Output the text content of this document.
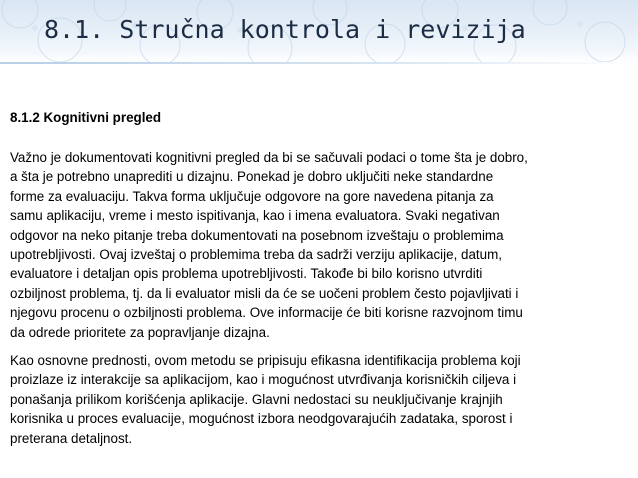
8.1. Stručna kontrola i revizija
8.1.2 Kognitivni pregled
Važno je dokumentovati kognitivni pregled da bi se sačuvali podaci o tome šta je dobro,
a šta je potrebno unaprediti u dizajnu. Ponekad je dobro uključiti neke standardne
forme za evaluaciju. Takva forma uključuje odgovore na gore navedena pitanja za
samu aplikaciju, vreme i mesto ispitivanja, kao i imena evaluatora. Svaki negativan
odgovor na neko pitanje treba dokumentovati na posebnom izveštaju o problemima
upotrebljivosti. Ovaj izveštaj o problemima treba da sadrži verziju aplikacije, datum,
evaluatore i detaljan opis problema upotrebljivosti. Takođe bi bilo korisno utvrditi
ozbiljnost problema, tj. da li evaluator misli da će se uočeni problem često pojavljivati i
njegovu procenu o ozbiljnosti problema. Ove informacije će biti korisne razvojnom timu
da odrede prioritete za popravljanje dizajna.
Kao osnovne prednosti, ovom metodu se pripisuju efikasna identifikacija problema koji
proizlaze iz interakcije sa aplikacijom, kao i mogućnost utvrđivanja korisničkih ciljeva i
ponašanja prilikom korišćenja aplikacije. Glavni nedostaci su neuključivanje krajnjih
korisnika u proces evaluacije, mogućnost izbora neodgovarajućih zadataka, sporost i
preterana detaljnost.
